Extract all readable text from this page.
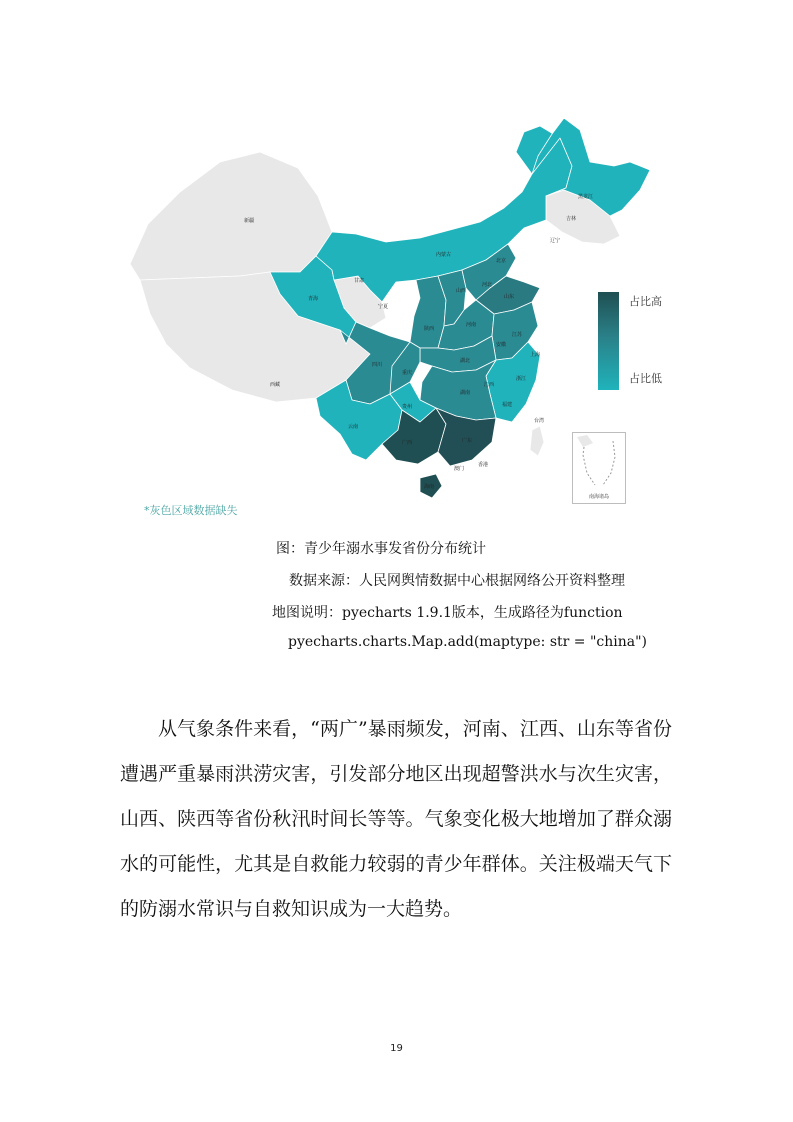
新疆
西藏
青海
甘肃
内蒙古
黑龙江
吉林
辽宁
北京
河北
山西
山东
宁夏
陕西
河南
江苏
安徽
上海
四川
重庆
湖北
浙江
湖南
江西
贵州	福建
云南
广西	广东
台湾
海南
香港
澳门
占比高
占比低
南海诸岛
*灰色区域数据缺失
图：青少年溺水事发省份分布统计
数据来源：人民网舆情数据中心根据网络公开资料整理
地图说明：pyecharts 1.9.1版本，生成路径为function
pyecharts.charts.Map.add(maptype: str = "china")

从气象条件来看，“两广”暴雨频发，河南、江西、山东等省份遭遇严重暴雨洪涝灾害，引发部分地区出现超警洪水与次生灾害，山西、陕西等省份秋汛时间长等等。气象变化极大地增加了群众溺水的可能性，尤其是自救能力较弱的青少年群体。关注极端天气下的防溺水常识与自救知识成为一大趋势。

19
